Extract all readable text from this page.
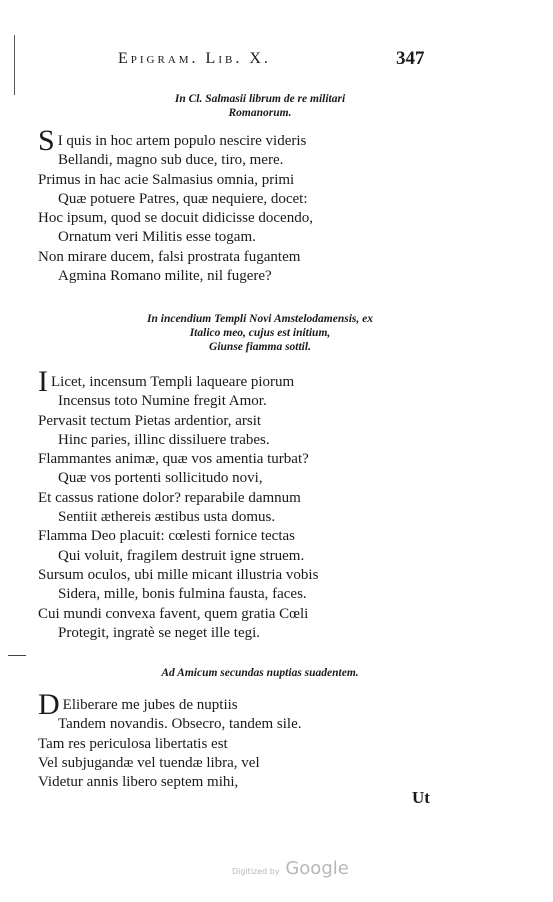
Epigram. Lib. X.	347
In Cl. Salmasii librum de re militari
Romanorum.
S I quis in hoc artem populo nescire videris
Bellandi, magno sub duce, tiro, mere.
Primus in hac acie Salmasius omnia, primi
Quæ potuere Patres, quæ nequiere, docet:
Hoc ipsum, quod se docuit didicisse docendo,
Ornatum veri Militis esse togam.
Non mirare ducem, falsi prostrata fugantem
Agmina Romano milite, nil fugere?
In incendium Templi Novi Amstelodamensis, ex
Italico meo, cujus est initium,
Giunse fiamma sottil.
I Licet, incensum Templi laqueare piorum
Incensus toto Numine fregit Amor.
Pervasit tectum Pietas ardentior, arsit
Hinc paries, illinc dissiluere trabes.
Flammantes animæ, quæ vos amentia turbat?
Quæ vos portenti sollicitudo novi,
Et cassus ratione dolor? reparabile damnum
Sentiit æthereis æstibus usta domus.
Flamma Deo placuit: cœlesti fornice tectas
Qui voluit, fragilem destruit igne struem.
Sursum oculos, ubi mille micant illustria vobis
Sidera, mille, bonis fulmina fausta, faces.
Cui mundi convexa favent, quem gratia Cœli
Protegit, ingratè se neget ille tegi.
Ad Amicum secundas nuptias suadentem.
D Eliberare me jubes de nuptiis
Tandem novandis. Obsecro, tandem sile.
Tam res periculosa libertatis est
Vel subjugandæ vel tuendæ libra, vel
Videtur annis libero septem mihi,
Ut
Digitized by Google
